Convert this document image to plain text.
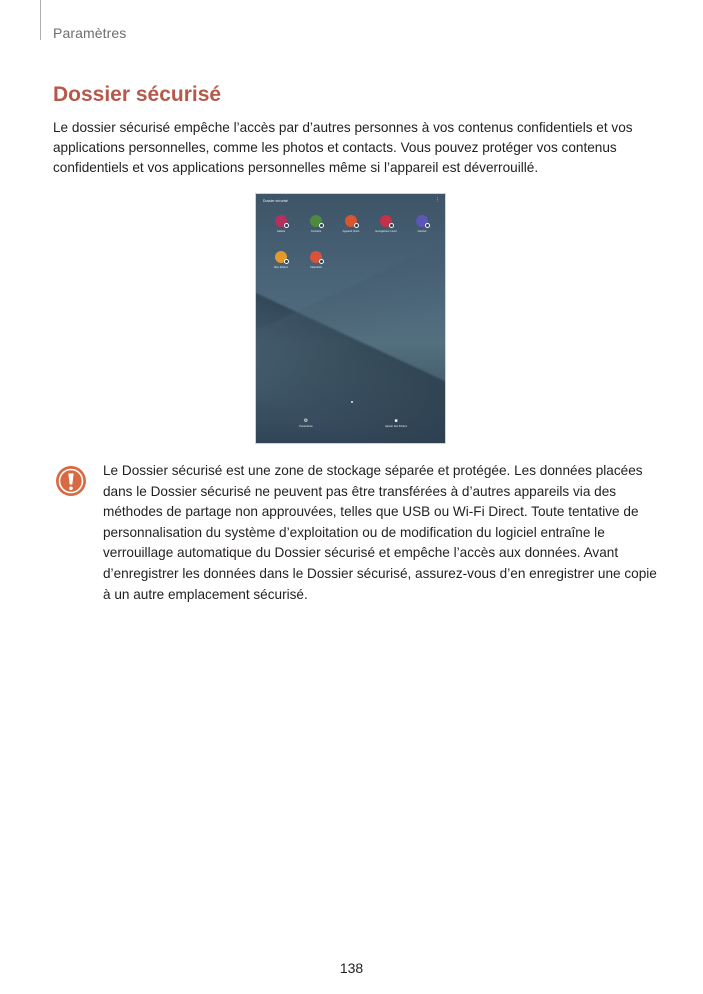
Paramètres
Dossier sécurisé

Le dossier sécurisé empêche l’accès par d’autres personnes à vos contenus confidentiels et vos applications personnelles, comme les photos et contacts. Vous pouvez protéger vos contenus confidentiels et vos applications personnelles même si l’appareil est déverrouillé.

Dossier sécurisé	⋮
Galerie	Contacts	Appareil photo	Enregistreur vocal	Internet
Mes fichiers	Calendrier
⚙
Paramètres
■
Ajouter des fichiers

Le Dossier sécurisé est une zone de stockage séparée et protégée. Les données placées dans le Dossier sécurisé ne peuvent pas être transférées à d’autres appareils via des méthodes de partage non approuvées, telles que USB ou Wi-Fi Direct. Toute tentative de personnalisation du système d’exploitation ou de modification du logiciel entraîne le verrouillage automatique du Dossier sécurisé et empêche l’accès aux données. Avant d’enregistrer les données dans le Dossier sécurisé, assurez-vous d’en enregistrer une copie à un autre emplacement sécurisé.

138
